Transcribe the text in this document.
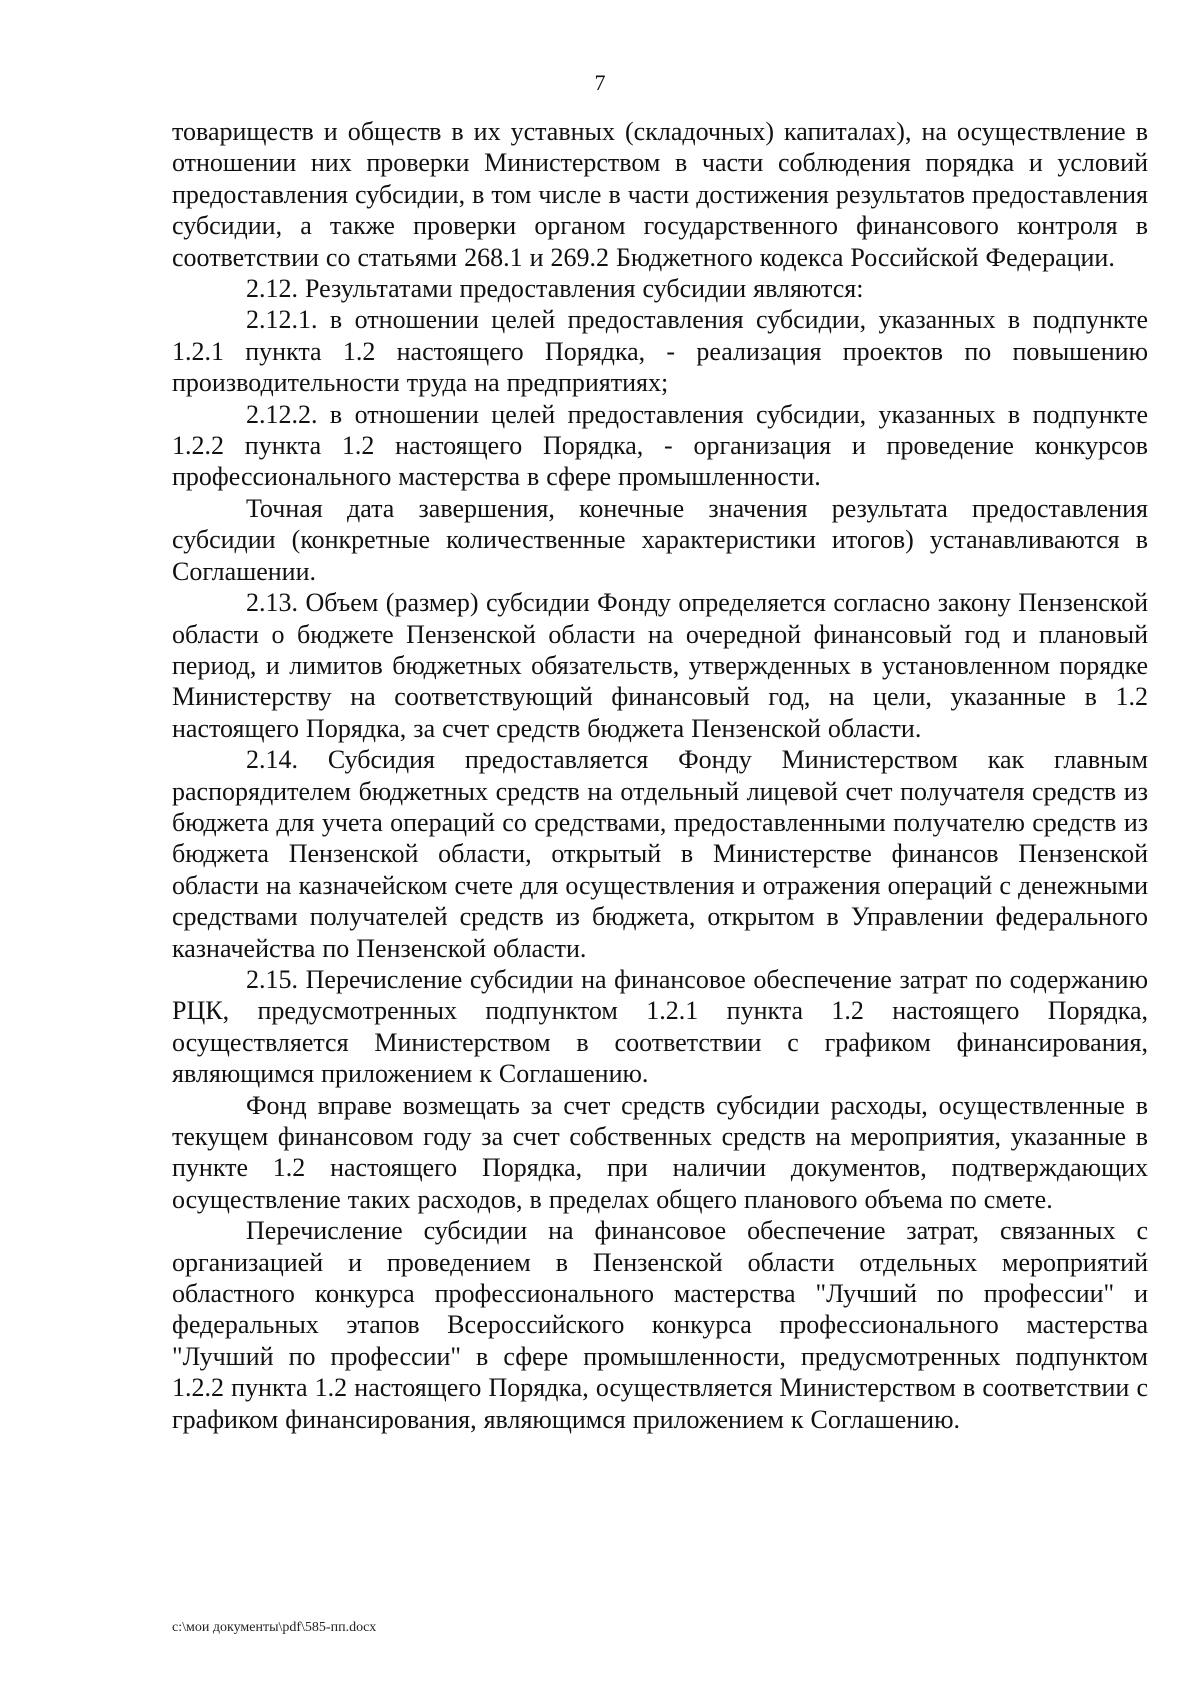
7

товариществ и обществ в их уставных (складочных) капиталах), на осуществление в отношении них проверки Министерством в части соблюдения порядка и условий предоставления субсидии, в том числе в части достижения результатов предоставления субсидии, а также проверки органом государственного финансового контроля в соответствии со статьями 268.1 и 269.2 Бюджетного кодекса Российской Федерации.

2.12. Результатами предоставления субсидии являются:

2.12.1. в отношении целей предоставления субсидии, указанных в подпункте 1.2.1 пункта 1.2 настоящего Порядка, - реализация проектов по повышению производительности труда на предприятиях;

2.12.2. в отношении целей предоставления субсидии, указанных в подпункте 1.2.2 пункта 1.2 настоящего Порядка, - организация и проведение конкурсов профессионального мастерства в сфере промышленности.

Точная дата завершения, конечные значения результата предоставления субсидии (конкретные количественные характеристики итогов) устанавливаются в Соглашении.

2.13. Объем (размер) субсидии Фонду определяется согласно закону Пензенской области о бюджете Пензенской области на очередной финансовый год и плановый период, и лимитов бюджетных обязательств, утвержденных в установленном порядке Министерству на соответствующий финансовый год, на цели, указанные в 1.2 настоящего Порядка, за счет средств бюджета Пензенской области.

2.14. Субсидия предоставляется Фонду Министерством как главным распорядителем бюджетных средств на отдельный лицевой счет получателя средств из бюджета для учета операций со средствами, предоставленными получателю средств из бюджета Пензенской области, открытый в Министерстве финансов Пензенской области на казначейском счете для осуществления и отражения операций с денежными средствами получателей средств из бюджета, открытом в Управлении федерального казначейства по Пензенской области.

2.15. Перечисление субсидии на финансовое обеспечение затрат по содержанию РЦК, предусмотренных подпунктом 1.2.1 пункта 1.2 настоящего Порядка, осуществляется Министерством в соответствии с графиком финансирования, являющимся приложением к Соглашению.

Фонд вправе возмещать за счет средств субсидии расходы, осуществленные в текущем финансовом году за счет собственных средств на мероприятия, указанные в пункте 1.2 настоящего Порядка, при наличии документов, подтверждающих осуществление таких расходов, в пределах общего планового объема по смете.

Перечисление субсидии на финансовое обеспечение затрат, связанных с организацией и проведением в Пензенской области отдельных мероприятий областного конкурса профессионального мастерства "Лучший по профессии" и федеральных этапов Всероссийского конкурса профессионального мастерства "Лучший по профессии" в сфере промышленности, предусмотренных подпунктом 1.2.2 пункта 1.2 настоящего Порядка, осуществляется Министерством в соответствии с графиком финансирования, являющимся приложением к Соглашению.

c:\мои документы\pdf\585-пп.docx
